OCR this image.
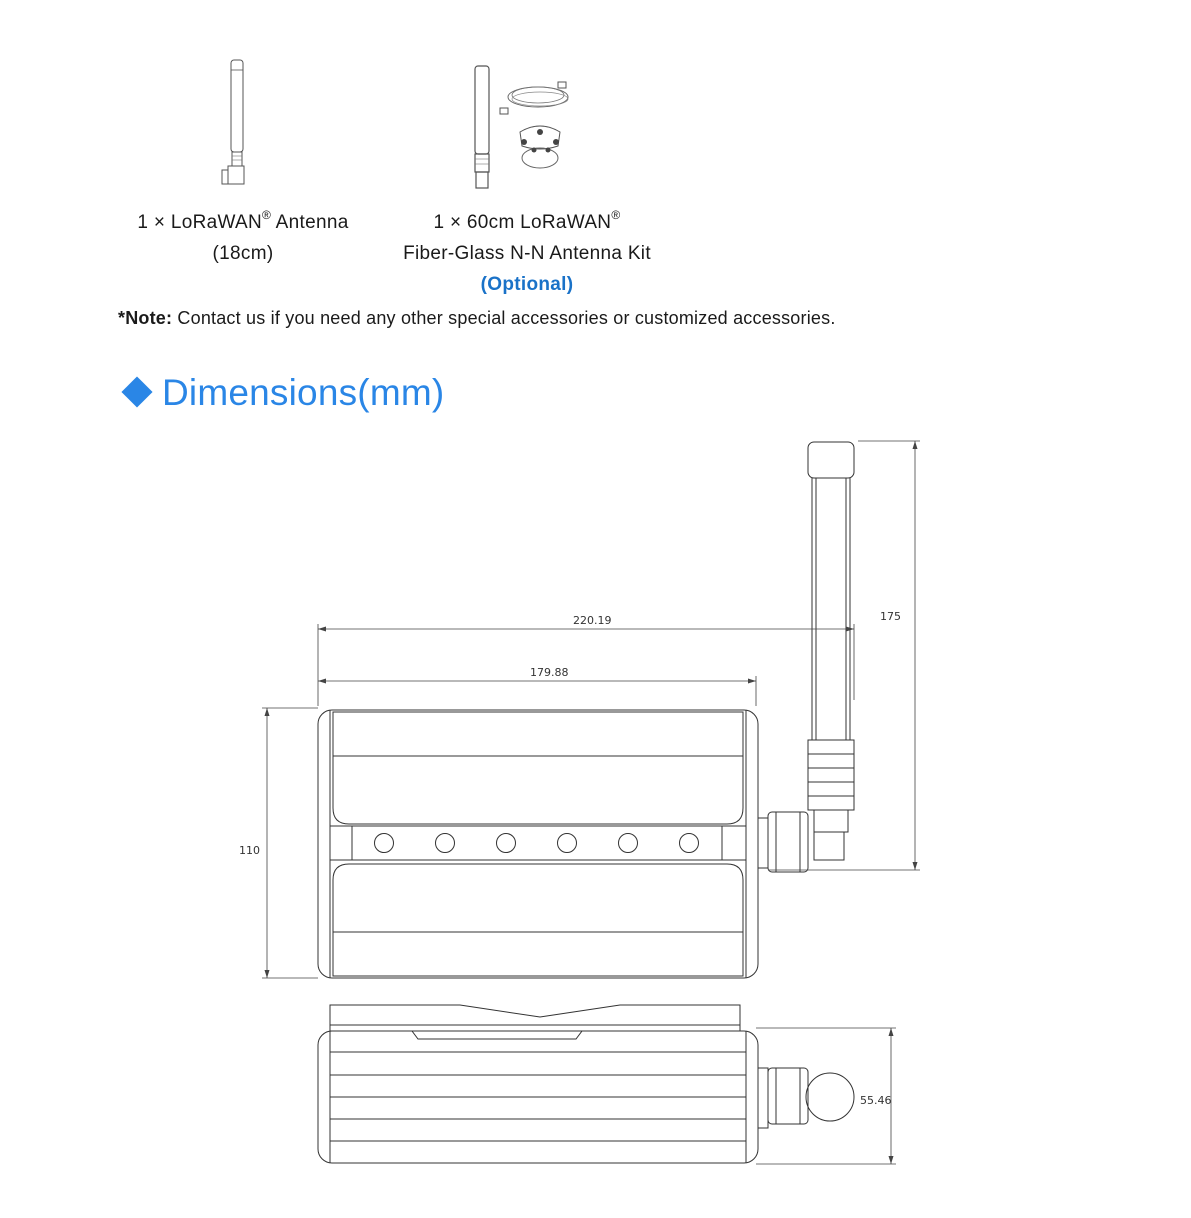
1 × LoRaWAN® Antenna
(18cm)
1 × 60cm LoRaWAN®
Fiber-Glass N-N Antenna Kit
(Optional)
*Note: Contact us if you need any other special accessories or customized accessories.
Dimensions(mm)
220.19
179.88
110
175
55.46
